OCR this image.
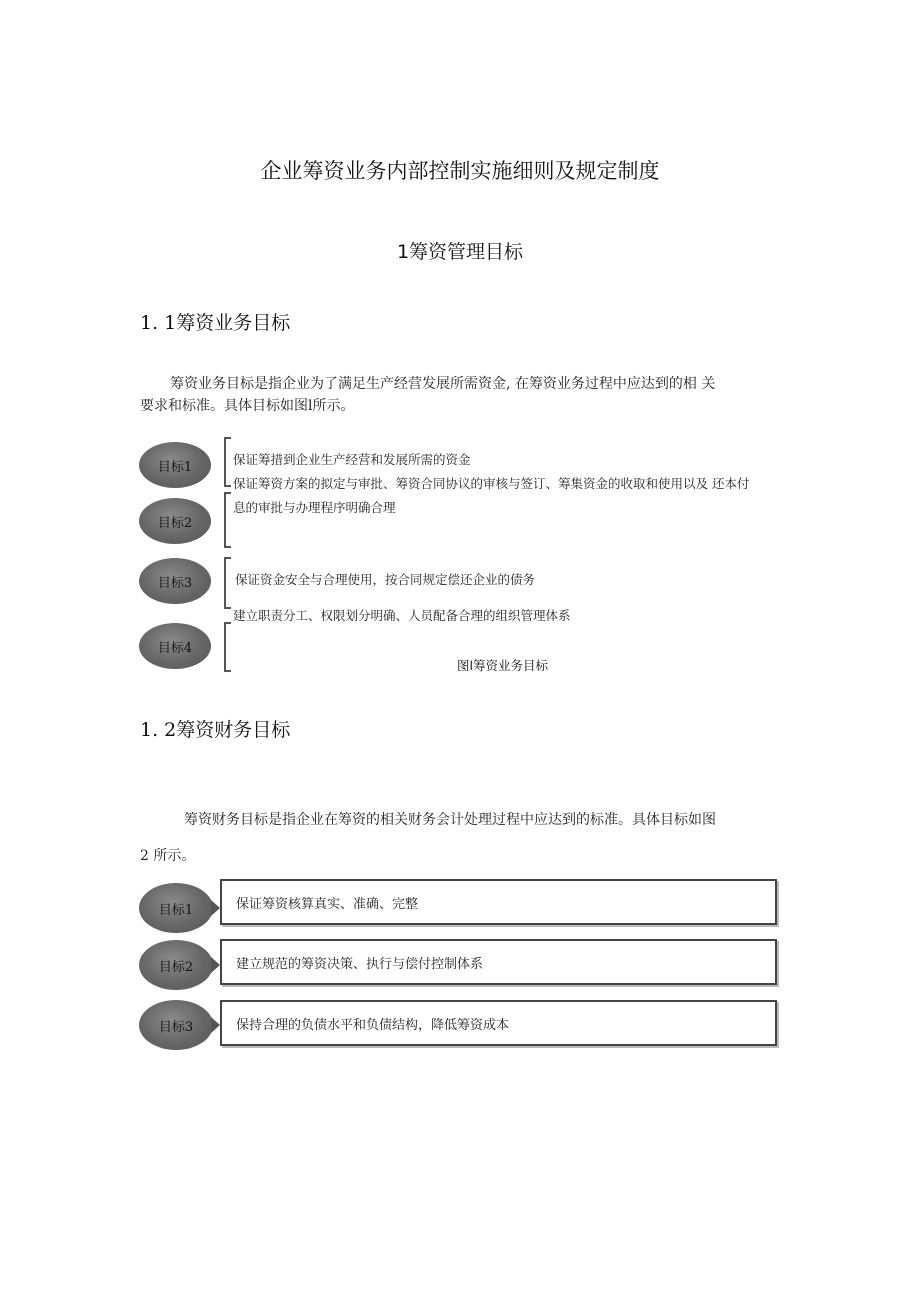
企业筹资业务内部控制实施细则及规定制度
1筹资管理目标
1. 1筹资业务目标
筹资业务目标是指企业为了满足生产经营发展所需资金, 在筹资业务过程中应达到的相 关
要求和标准。具体目标如图l所示。
目标1	保证筹措到企业生产经营和发展所需的资金
目标2
保证筹资方案的拟定与审批、筹资合同协议的审核与签订、筹集资金的收取和使用以及 还本付
息的审批与办理程序明确合理
目标3	保证资金安全与合理使用，按合同规定偿还企业的债务
目标4
建立职责分工、权限划分明确、人员配备合理的组织管理体系
图l筹资业务目标
1. 2筹资财务目标
筹资财务目标是指企业在筹资的相关财务会计处理过程中应达到的标准。具体目标如图
2 所示。
目标1	保证筹资核算真实、准确、完整
目标2	建立规范的筹资决策、执行与偿付控制体系
目标3	保持合理的负债水平和负债结构，降低筹资成本
